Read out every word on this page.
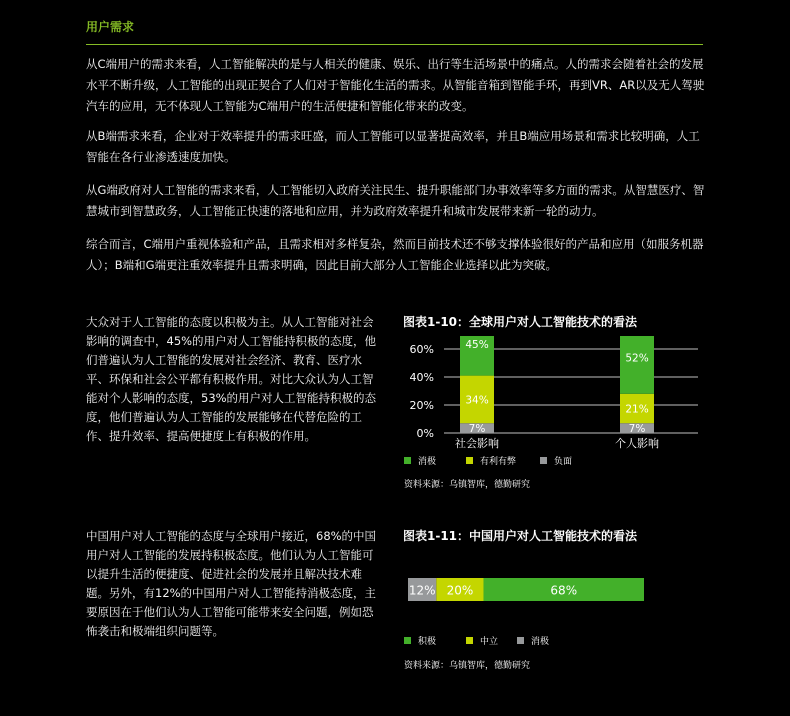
用户需求

从C端用户的需求来看，人工智能解决的是与人相关的健康、娱乐、出行等生活场景中的痛点。人的需求会随着社会的发展水平不断升级，人工智能的出现正契合了人们对于智能化生活的需求。从智能音箱到智能手环，再到VR、AR以及无人驾驶汽车的应用，无不体现人工智能为C端用户的生活便捷和智能化带来的改变。

从B端需求来看，企业对于效率提升的需求旺盛，而人工智能可以显著提高效率，并且B端应用场景和需求比较明确，人工智能在各行业渗透速度加快。

从G端政府对人工智能的需求来看，人工智能切入政府关注民生、提升职能部门办事效率等多方面的需求。从智慧医疗、智慧城市到智慧政务，人工智能正快速的落地和应用，并为政府效率提升和城市发展带来新一轮的动力。

综合而言，C端用户重视体验和产品，且需求相对多样复杂，然而目前技术还不够支撑体验很好的产品和应用（如服务机器人）；B端和G端更注重效率提升且需求明确，因此目前大部分人工智能企业选择以此为突破。

大众对于人工智能的态度以积极为主。从人工智能对社会影响的调查中，45%的用户对人工智能持积极的态度，他们普遍认为人工智能的发展对社会经济、教育、医疗水平、环保和社会公平都有积极作用。对比大众认为人工智能对个人影响的态度，53%的用户对人工智能持积极的态度，他们普遍认为人工智能的发展能够在代替危险的工作、提升效率、提高便捷度上有积极的作用。

中国用户对人工智能的态度与全球用户接近，68%的中国用户对人工智能的发展持积极态度。他们认为人工智能可以提升生活的便捷度、促进社会的发展并且解决技术难题。另外，有12%的中国用户对人工智能持消极态度，主要原因在于他们认为人工智能可能带来安全问题，例如恐怖袭击和极端组织问题等。

图表1-10：全球用户对人工智能技术的看法
60%
40%
20%
0%	7%
34%
45%
社会影响
7%
21%
52%
个人影响
消极	有利有弊	负面
资料来源：乌镇智库，德勤研究
图表1-11：中国用户对人工智能技术的看法
12% 20%	68%
积极	中立	消极
资料来源：乌镇智库，德勤研究
